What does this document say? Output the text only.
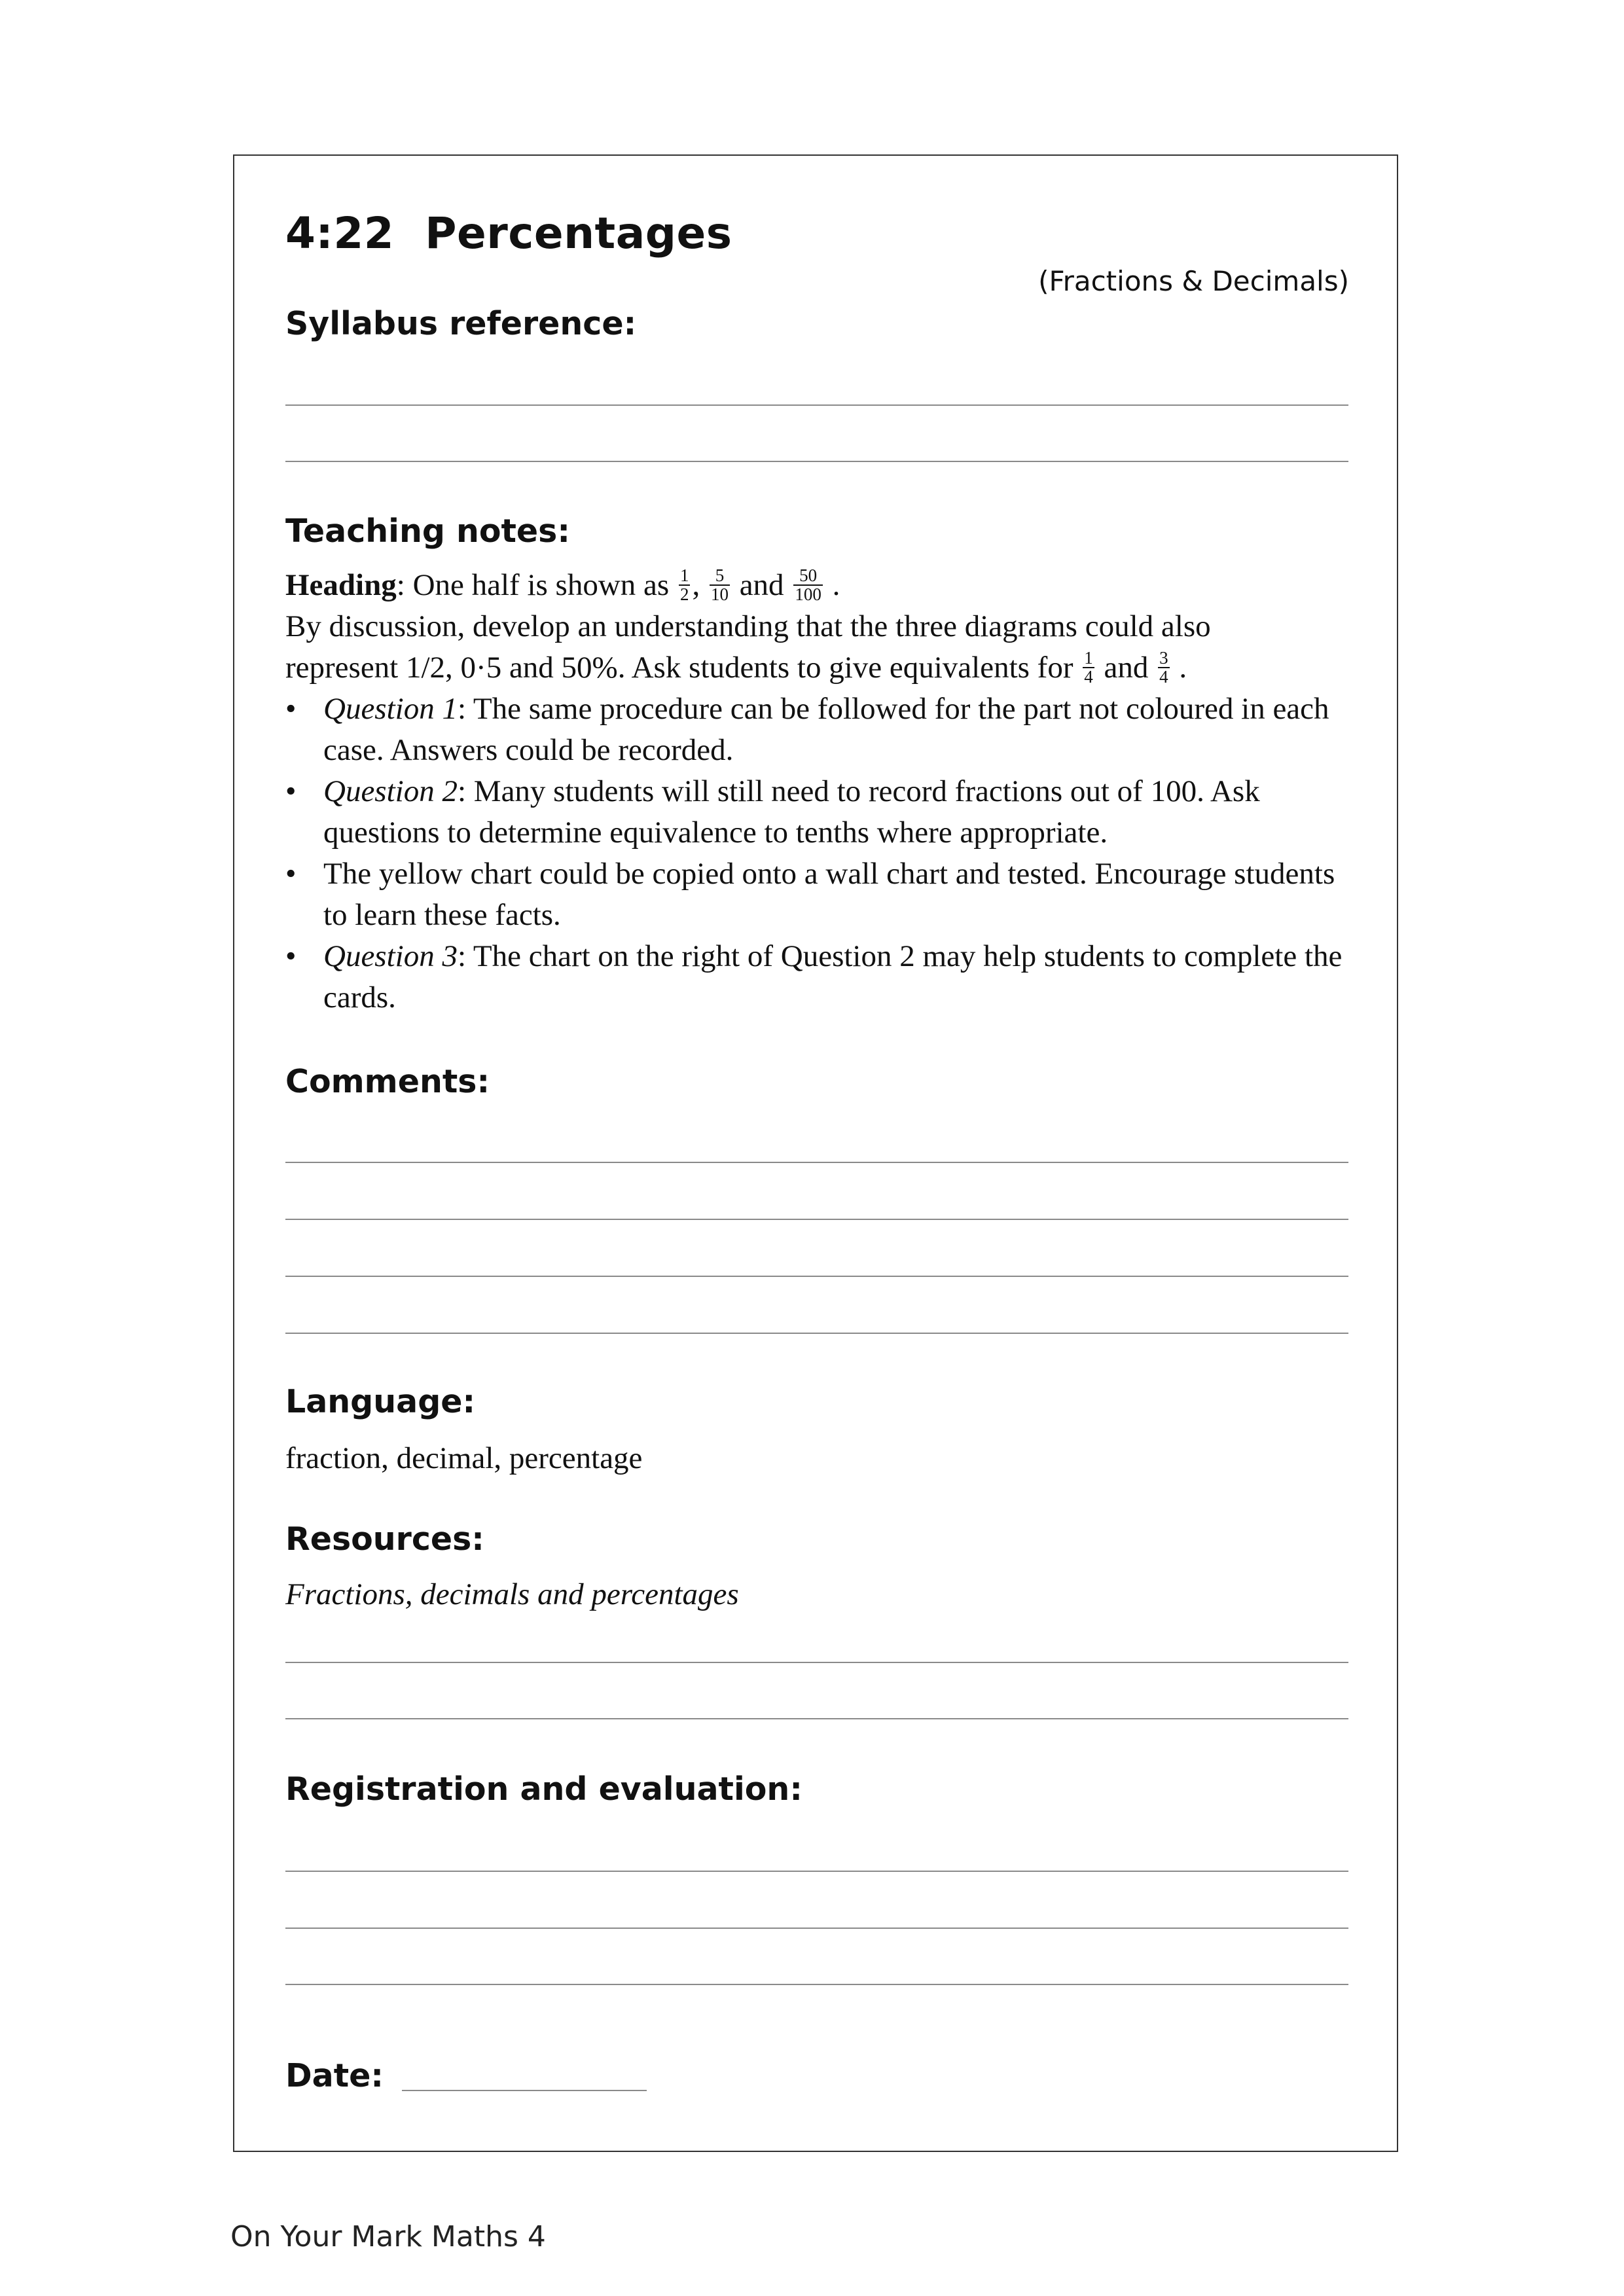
4:22  Percentages
(Fractions & Decimals)
Syllabus reference:
Teaching notes:

Heading: One half is shown as $\frac{1}{2}$ , $\frac{5}{10}$ and $\frac{50}{100}$ .

By discussion, develop an understanding that the three diagrams could also

represent 1/2, 0·5 and 50%. Ask students to give equivalents for $\frac{1}{4}$ and $\frac{3}{4}$ .

• Question 1: The same procedure can be followed for the part not coloured in each case. Answers could be recorded.
• Question 2: Many students will still need to record fractions out of 100. Ask questions to determine equivalence to tenths where appropriate.
• The yellow chart could be copied onto a wall chart and tested. Encourage students to learn these facts.
• Question 3: The chart on the right of Question 2 may help students to complete the cards.
Comments:
Language:
fraction, decimal, percentage
Resources:
Fractions, decimals and percentages
Registration and evaluation:
Date:
On Your Mark Maths 4
